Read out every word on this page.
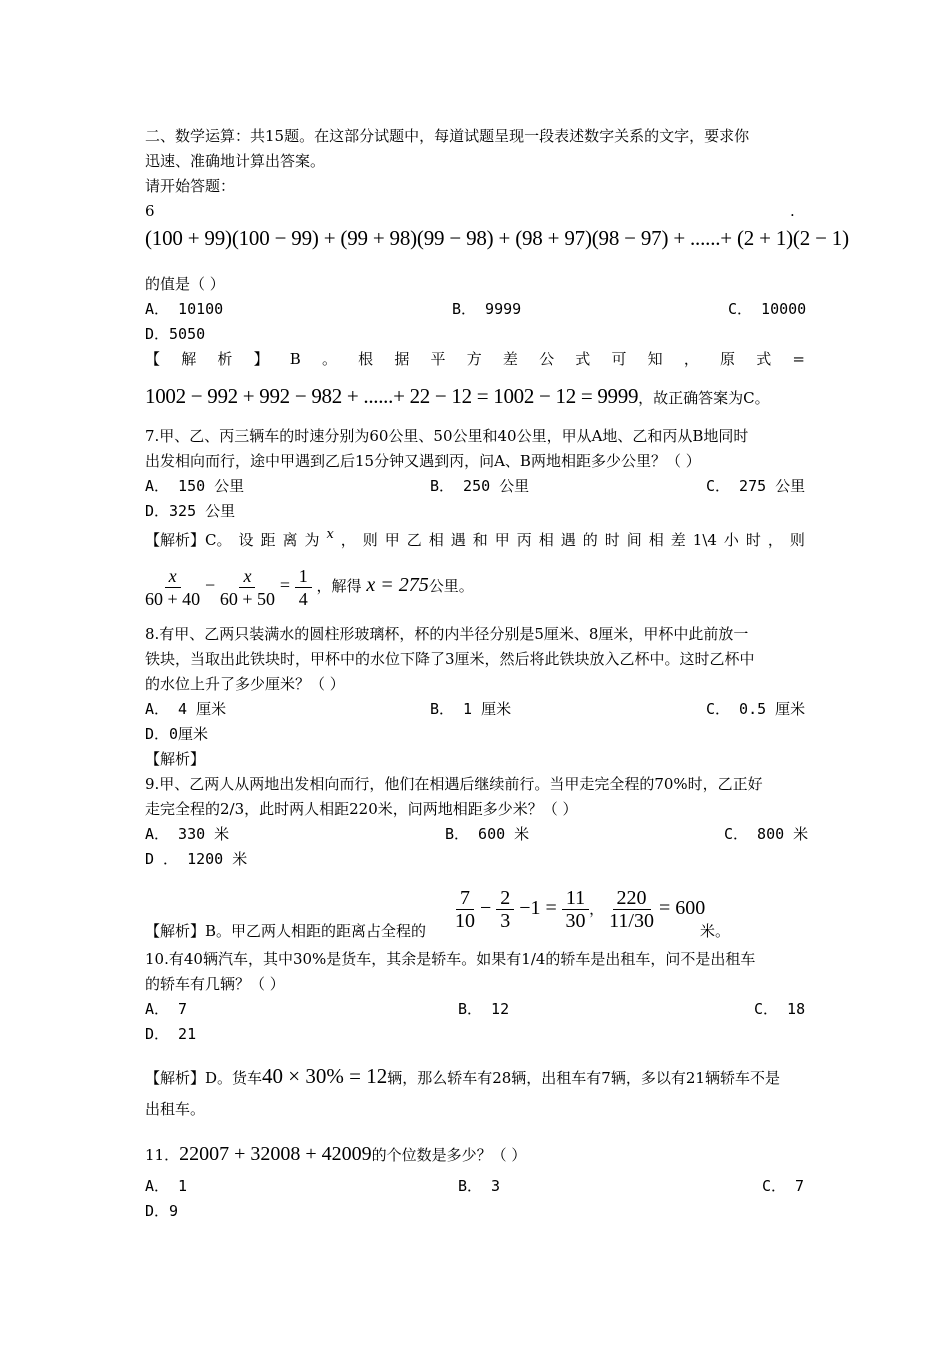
二、数学运算：共15题。在这部分试题中，每道试题呈现一段表述数字关系的文字，要求你
迅速、准确地计算出答案。
请开始答题：
6	.
(100 + 99)(100 − 99) + (99 + 98)(99 − 98) + (98 + 97)(98 − 97) + ......+ (2 + 1)(2 − 1)
的值是（ ）
A． 10100	B． 9999	C． 10000
D．5050
【 解 析 】 B 。 根 据 平 方 差 公 式 可 知 ， 原 式 =
1002 − 992 + 992 − 982 + ......+ 22 − 12 = 1002 − 12 = 9999，故正确答案为C。
7.甲、乙、丙三辆车的时速分别为60公里、50公里和40公里，甲从A地、乙和丙从B地同时
出发相向而行，途中甲遇到乙后15分钟又遇到丙，问A、B两地相距多少公里？（ ）
A． 150 公里	B． 250 公里	C． 275 公里
D．325 公里
【解析】C。 设 距 离 为 x ， 则 甲 乙 相 遇 和 甲 丙 相 遇 的 时 间 相 差 1\4 小 时 ， 则
$\frac{x}{60 + 40} - \frac{x}{60 + 50} = \frac{1}{4}$ ，解得 x = 275公里。
8.有甲、乙两只装满水的圆柱形玻璃杯，杯的内半径分别是5厘米、8厘米，甲杯中此前放一
铁块，当取出此铁块时，甲杯中的水位下降了3厘米，然后将此铁块放入乙杯中。这时乙杯中
的水位上升了多少厘米？（ ）
A． 4 厘米	B． 1 厘米	C． 0.5 厘米
D．0厘米
【解析】
9.甲、乙两人从两地出发相向而行，他们在相遇后继续前行。当甲走完全程的70%时，乙正好
走完全程的2/3，此时两人相距220米，问两地相距多少米？（ ）
A． 330 米	B． 600 米	C． 800 米
D ． 1200 米
【解析】B。甲乙两人相距的距离占全程的 $\frac{7}{10} - \frac{2}{3} -1 = \frac{11}{30}$ ， $\frac{220}{11/30} = 600$
米。
10.有40辆汽车，其中30%是货车，其余是轿车。如果有1/4的轿车是出租车，问不是出租车
的轿车有几辆？（ ）
A． 7	B． 12	C． 18
D． 21
【解析】D。货车40 × 30% = 12辆，那么轿车有28辆，出租车有7辆，多以有21辆轿车不是
出租车。
11．22007 + 32008 + 42009的个位数是多少？（ ）
A． 1	B． 3	C． 7
D．9
